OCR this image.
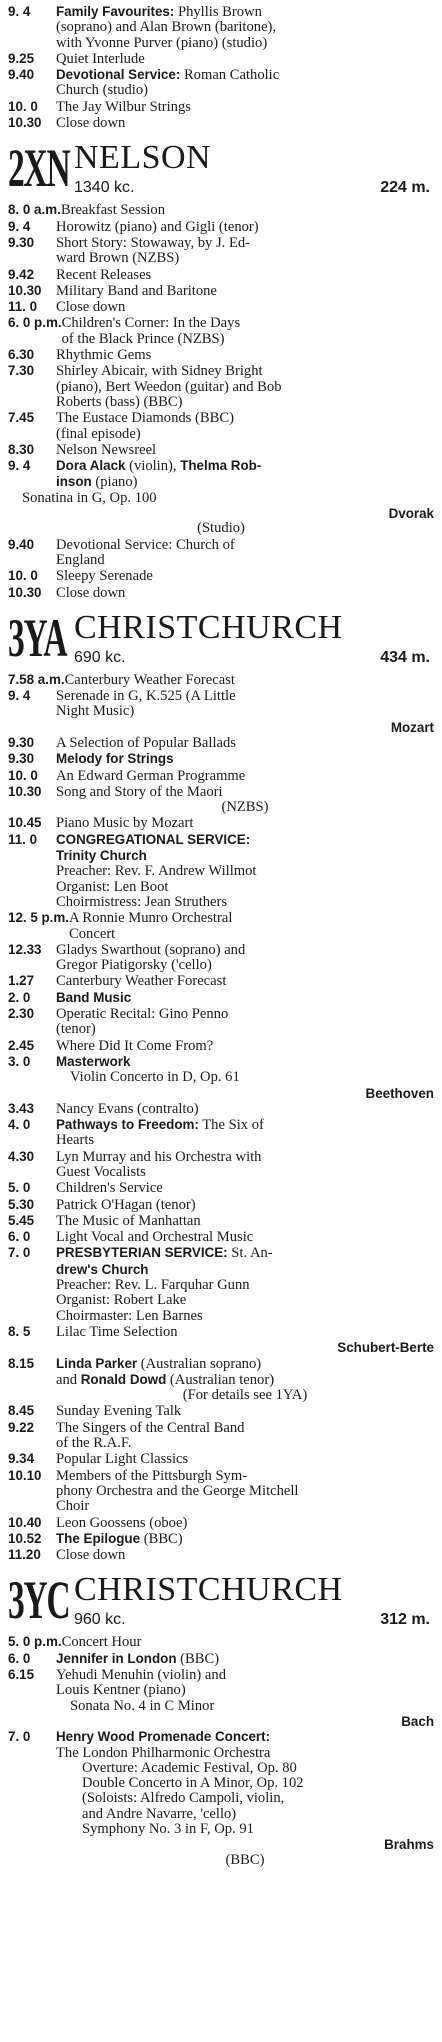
9. 4	Family Favourites: Phyllis Brown
(soprano) and Alan Brown (baritone),
with Yvonne Purver (piano) (studio)
9.25	Quiet Interlude
9.40	Devotional Service: Roman Catholic
Church (studio)
10. 0	The Jay Wilbur Strings
10.30 Close down
2XN NELSON
1340 kc.	224 m.
8. 0 a.m. Breakfast Session
9. 4	Horowitz (piano) and Gigli (tenor)
9.30	Short Story: Stowaway, by J. Ed-
ward Brown (NZBS)
9.42	Recent Releases
10.30 Military Band and Baritone
11. 0	Close down
6. 0 p.m. Children's Corner: In the Days
of the Black Prince (NZBS)
6.30	Rhythmic Gems
7.30	Shirley Abicair, with Sidney Bright
(piano), Bert Weedon (guitar) and Bob
Roberts (bass) (BBC)
7.45	The Eustace Diamonds (BBC)
(final episode)
8.30	Nelson Newsreel
9. 4	Dora Alack (violin), Thelma Rob-
inson (piano)
Sonatina in G, Op. 100
Dvorak
(Studio)
9.40	Devotional Service: Church of
England
10. 0	Sleepy Serenade
10.30 Close down
3YA CHRISTCHURCH
690 kc.	434 m.
7.58 a.m. Canterbury Weather Forecast
9. 4	Serenade in G, K.525 (A Little
Night Music)
Mozart
9.30	A Selection of Popular Ballads
9.30	Melody for Strings
10. 0	An Edward German Programme
10.30 Song and Story of the Maori
(NZBS)
10.45 Piano Music by Mozart
11. 0	CONGREGATIONAL SERVICE:
Trinity Church
Preacher: Rev. F. Andrew Willmot
Organist: Len Boot
Choirmistress: Jean Struthers
12. 5 p.m. A Ronnie Munro Orchestral
Concert
12.33 Gladys Swarthout (soprano) and
Gregor Piatigorsky ('cello)
1.27	Canterbury Weather Forecast
2. 0	Band Music
2.30	Operatic Recital: Gino Penno
(tenor)
2.45	Where Did It Come From?
3. 0	Masterwork
Violin Concerto in D, Op. 61
Beethoven
3.43	Nancy Evans (contralto)
4. 0	Pathways to Freedom: The Six of
Hearts
4.30	Lyn Murray and his Orchestra with
Guest Vocalists
5. 0	Children's Service
5.30	Patrick O'Hagan (tenor)
5.45	The Music of Manhattan
6. 0	Light Vocal and Orchestral Music
7. 0	PRESBYTERIAN SERVICE: St. An-
drew's Church
Preacher: Rev. L. Farquhar Gunn
Organist: Robert Lake
Choirmaster: Len Barnes
8. 5	Lilac Time Selection
Schubert-Berte
8.15	Linda Parker (Australian soprano)
and Ronald Dowd (Australian tenor)
(For details see 1YA)
8.45	Sunday Evening Talk
9.22	The Singers of the Central Band
of the R.A.F.
9.34	Popular Light Classics
10.10 Members of the Pittsburgh Sym-
phony Orchestra and the George Mitchell
Choir
10.40 Leon Goossens (oboe)
10.52	The Epilogue (BBC)
11.20	Close down
3YC CHRISTCHURCH
960 kc.	312 m.
5. 0 p.m. Concert Hour
6. 0	Jennifer in London (BBC)
6.15	Yehudi Menuhin (violin) and
Louis Kentner (piano)
Sonata No. 4 in C Minor
Bach
7. 0	Henry Wood Promenade Concert:
The London Philharmonic Orchestra
Overture: Academic Festival, Op. 80
Double Concerto in A Minor, Op. 102
(Soloists: Alfredo Campoli, violin,
and Andre Navarre, 'cello)
Symphony No. 3 in F, Op. 91
Brahms
(BBC)
